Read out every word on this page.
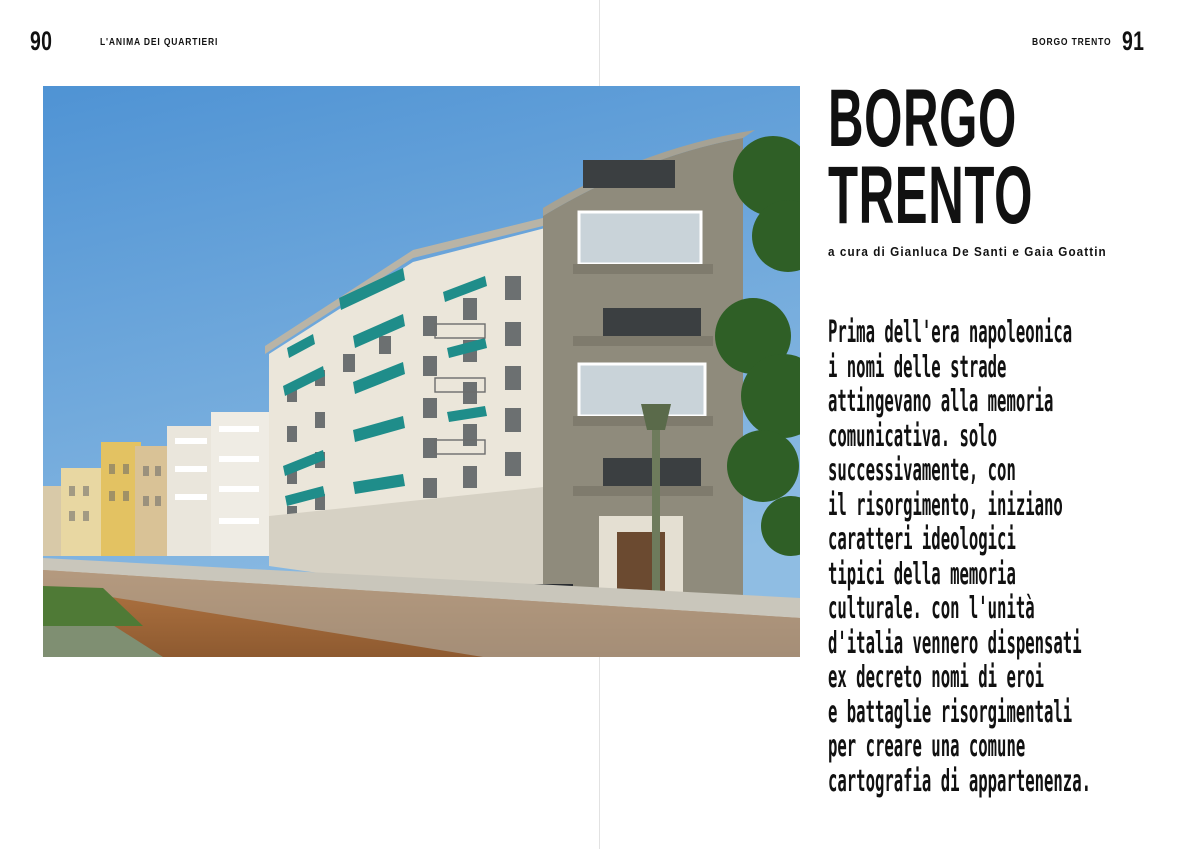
90	L'ANIMA DEI QUARTIERI	BORGO TRENTO 91
BORGO
TRENTO
a cura di Gianluca De Santi e Gaia Goattin

Prima dell'era napoleonica
i nomi delle strade
attingevano alla memoria
comunicativa. solo
successivamente, con
il risorgimento, iniziano
caratteri ideologici
tipici della memoria
culturale. con l'unità
d'italia vennero dispensati
ex decreto nomi di eroi
e battaglie risorgimentali
per creare una comune
cartografia di appartenenza.
